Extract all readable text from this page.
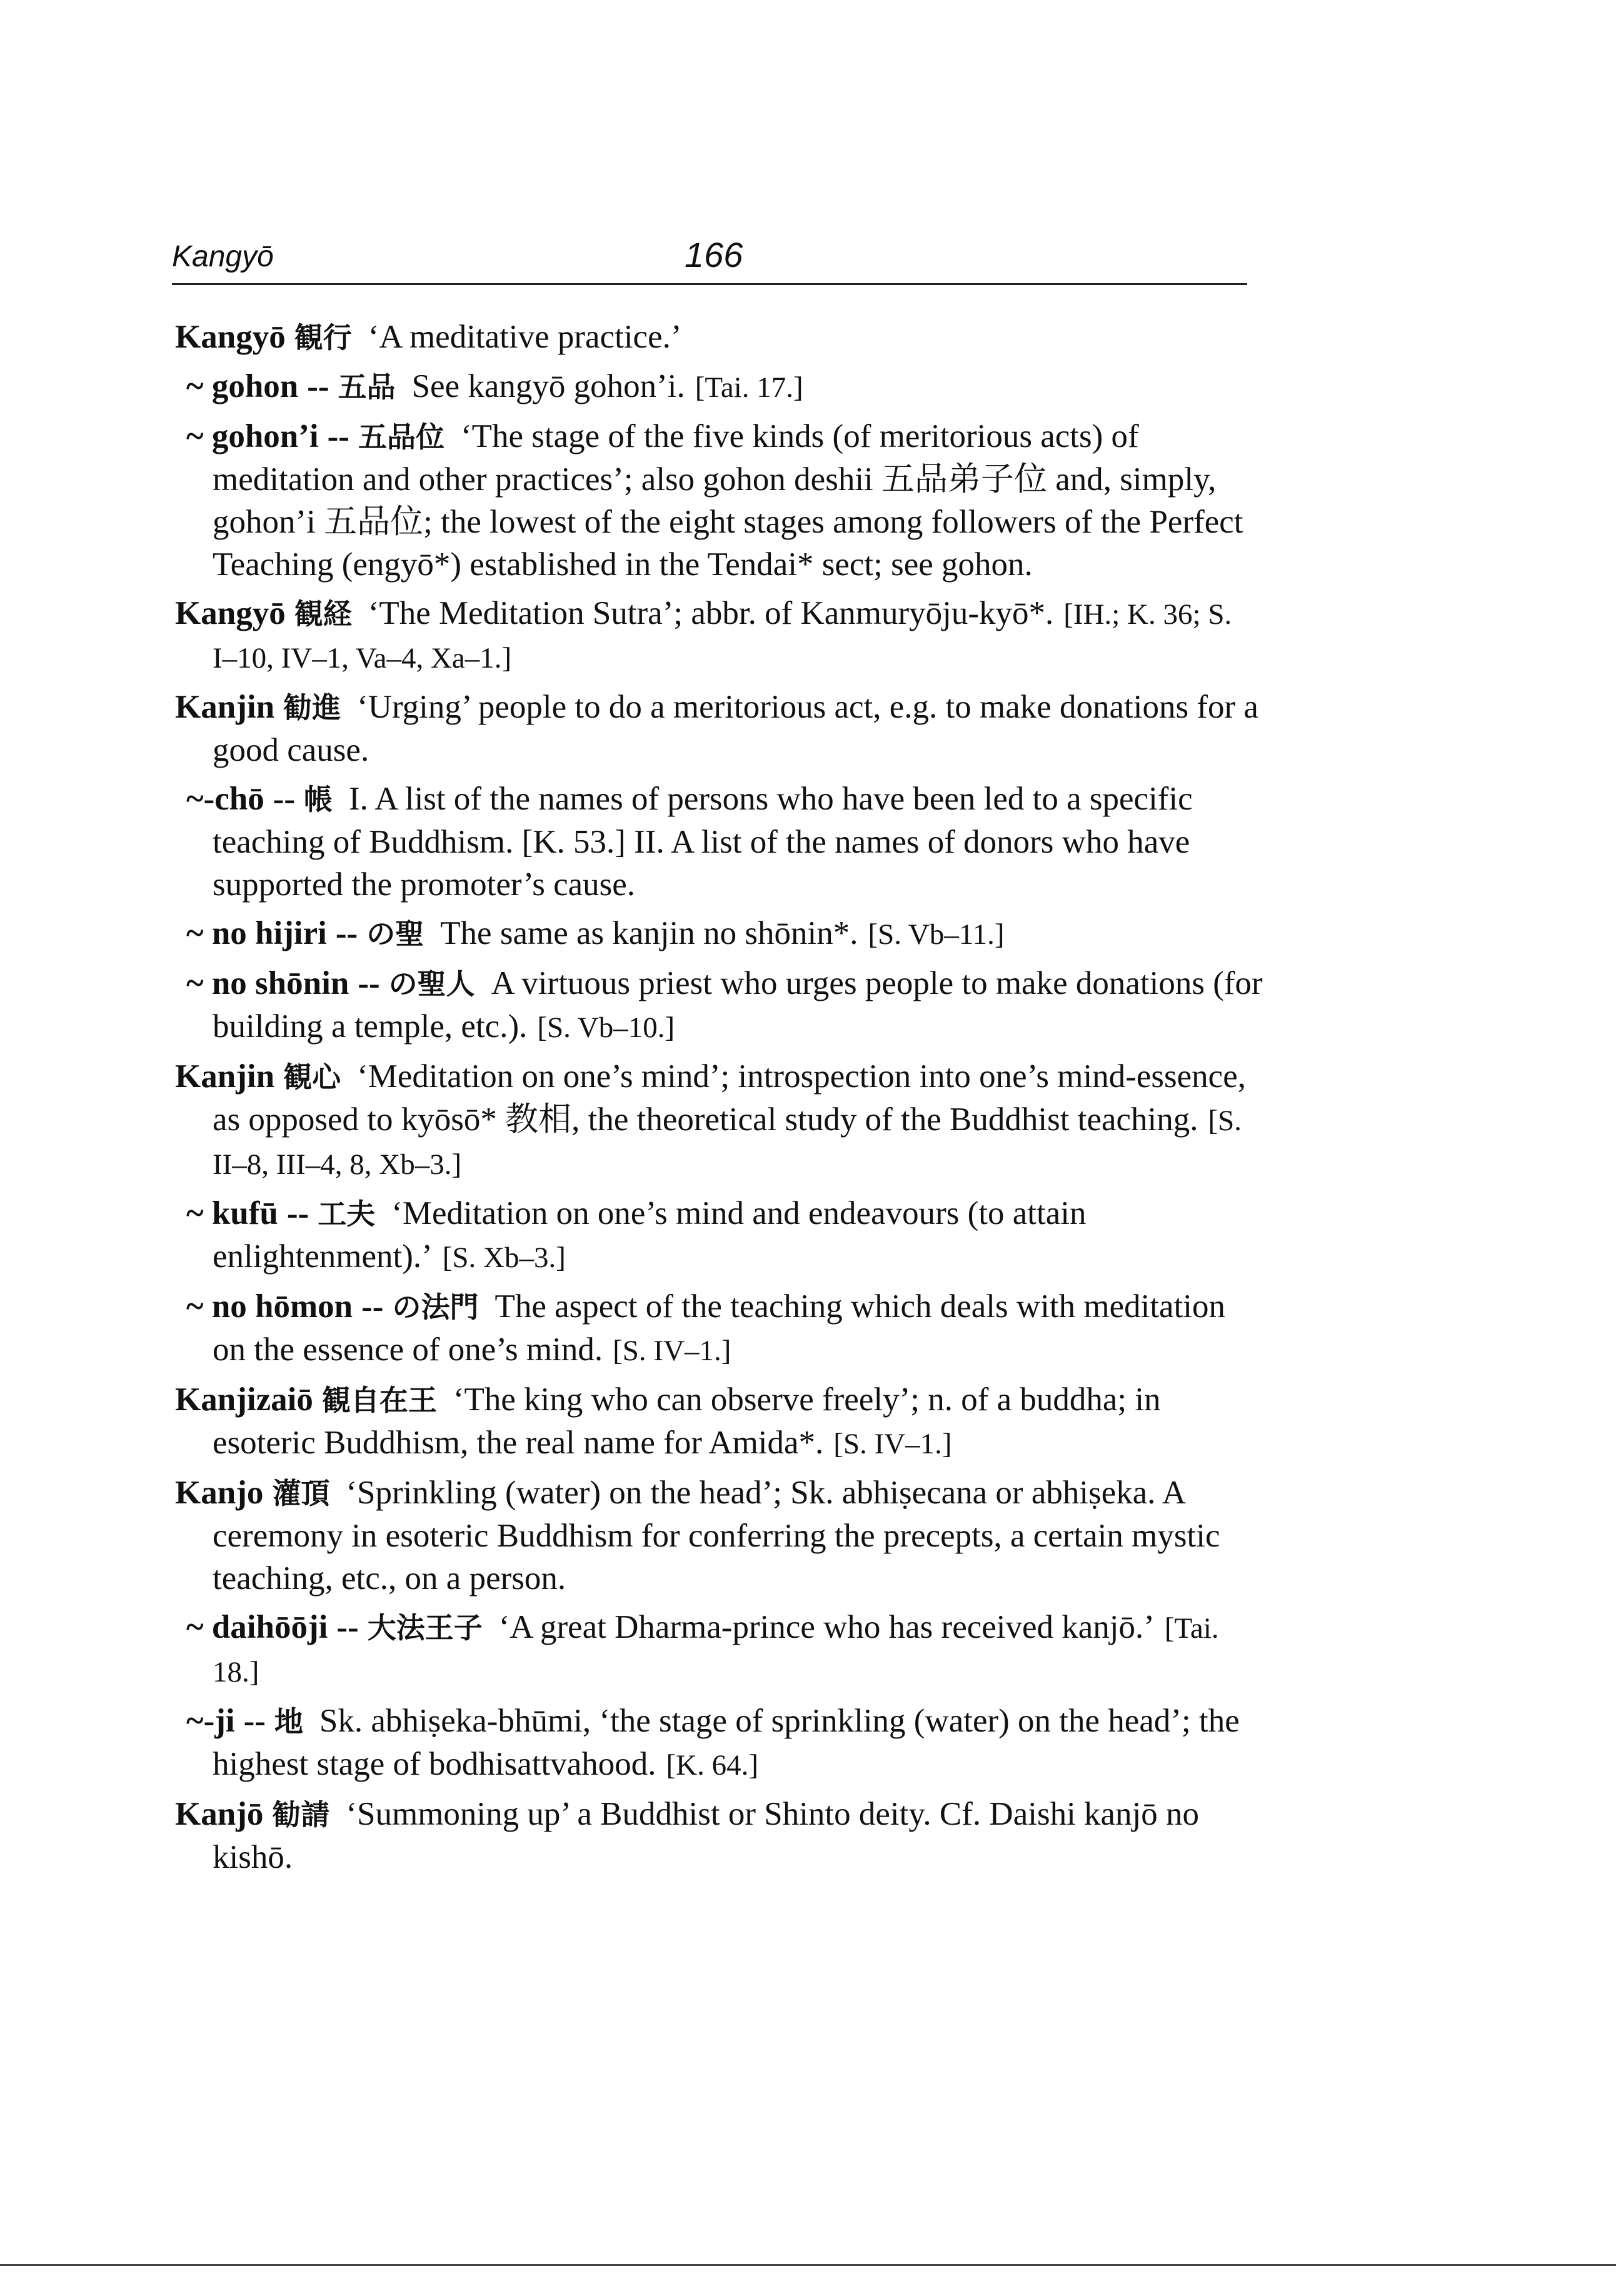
Kangyō	166

Kangyō 観行 ‘A meditative practice.’

~ gohon -- 五品 See kangyō gohon’i. [Tai. 17.]

~ gohon’i -- 五品位 ‘The stage of the five kinds (of meritorious acts) of meditation and other practices’; also gohon deshii 五品弟子位 and, simply, gohon’i 五品位; the lowest of the eight stages among followers of the Perfect Teaching (engyō*) established in the Tendai* sect; see gohon.

Kangyō 観経 ‘The Meditation Sutra’; abbr. of Kanmuryōju-kyō*. [IH.; K. 36; S. I–10, IV–1, Va–4, Xa–1.]

Kanjin 勧進 ‘Urging’ people to do a meritorious act, e.g. to make donations for a good cause.

~-chō -- 帳 I. A list of the names of persons who have been led to a specific teaching of Buddhism. [K. 53.] II. A list of the names of donors who have supported the promoter’s cause.

~ no hijiri -- の聖 The same as kanjin no shōnin*. [S. Vb–11.]

~ no shōnin -- の聖人 A virtuous priest who urges people to make donations (for building a temple, etc.). [S. Vb–10.]

Kanjin 観心 ‘Meditation on one’s mind’; introspection into one’s mind-essence, as opposed to kyōsō* 教相, the theoretical study of the Buddhist teaching. [S. II–8, III–4, 8, Xb–3.]

~ kufū -- 工夫 ‘Meditation on one’s mind and endeavours (to attain enlightenment).’ [S. Xb–3.]

~ no hōmon -- の法門 The aspect of the teaching which deals with meditation on the essence of one’s mind. [S. IV–1.]

Kanjizaiō 観自在王 ‘The king who can observe freely’; n. of a buddha; in esoteric Buddhism, the real name for Amida*. [S. IV–1.]

Kanjo 灌頂 ‘Sprinkling (water) on the head’; Sk. abhiṣecana or abhiṣeka. A ceremony in esoteric Buddhism for conferring the precepts, a certain mystic teaching, etc., on a person.

~ daihōōji -- 大法王子 ‘A great Dharma-prince who has received kanjō.’ [Tai. 18.]

~-ji -- 地 Sk. abhiṣeka-bhūmi, ‘the stage of sprinkling (water) on the head’; the highest stage of bodhisattvahood. [K. 64.]

Kanjō 勧請 ‘Summoning up’ a Buddhist or Shinto deity. Cf. Daishi kanjō no kishō.
